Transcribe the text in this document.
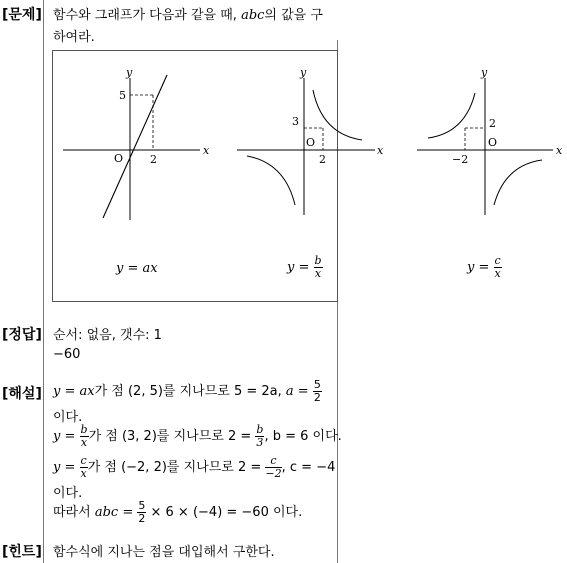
[문제]
[정답]
[해설]
[힌트]
함수와 그래프가 다음과 같을 때, abc의 값을 구
하여라.
y
x
O 2
5
y
x
O
2
3
y
x
O
−2
2
y = ax	$y = \frac{b}{x}$	$y = \frac{c}{x}$
순서: 없음, 갯수: 1
−60
y = ax가 점 (2, 5)를 지나므로 5 = 2a, $a = \frac{5}{2}$
이다.
$y = \frac{b}{x}$ 가 점 (3, 2)를 지나므로 $2 = \frac{b}{3}$ , b = 6 이다.
$y = \frac{c}{x}$ 가 점 (−2, 2)를 지나므로 $2 = \frac{c}{-2}$ , c = −4
이다.
따라서 abc = $\frac{5}{2} \times 6 \times (-4) = -60$ 이다.
함수식에 지나는 점을 대입해서 구한다.
